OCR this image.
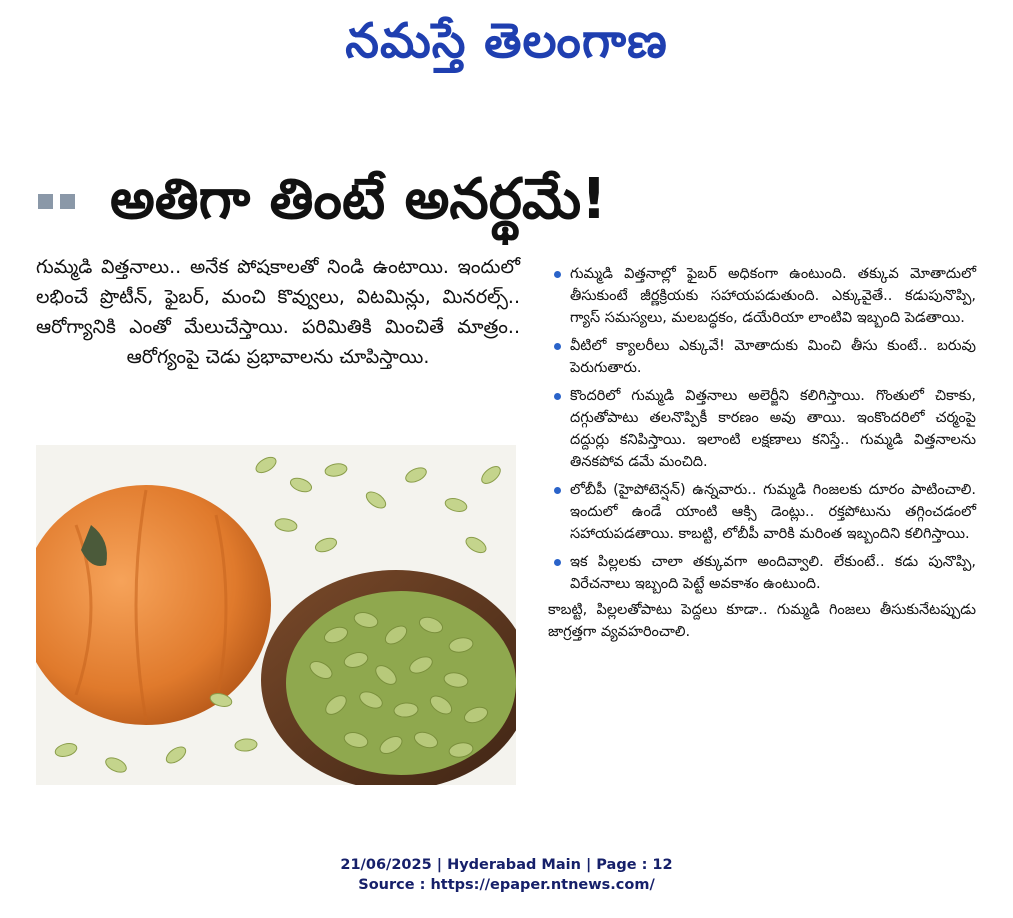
నమస్తే తెలంగాణ
అతిగా తింటే అనర్థమే!
గుమ్మడి విత్తనాలు.. అనేక పోషకాలతో నిండి ఉంటాయి. ఇందులో లభించే ప్రొటీన్, ఫైబర్, మంచి కొవ్వులు, విటమిన్లు, మినరల్స్.. ఆరోగ్యానికి ఎంతో మేలుచేస్తాయి. పరిమితికి మించితే మాత్రం.. ఆరోగ్యంపై చెడు ప్రభావాలను చూపిస్తాయి.
గుమ్మడి విత్తనాల్లో ఫైబర్ అధికంగా ఉంటుంది. తక్కువ మోతాదులో తీసుకుంటే జీర్ణక్రియకు సహాయపడుతుంది. ఎక్కువైతే.. కడుపునొప్పి, గ్యాస్ సమస్యలు, మలబద్ధకం, డయేరియా లాంటివి ఇబ్బంది పెడతాయి.
వీటిలో క్యాలరీలు ఎక్కువే! మోతాదుకు మించి తీసు కుంటే.. బరువు పెరుగుతారు.
కొందరిలో గుమ్మడి విత్తనాలు అలెర్జీని కలిగిస్తాయి. గొంతులో చికాకు, దగ్గుతోపాటు తలనొప్పికీ కారణం అవు తాయి. ఇంకొందరిలో చర్మంపై దద్దుర్లు కనిపిస్తాయి. ఇలాంటి లక్షణాలు కనిస్తే.. గుమ్మడి విత్తనాలను తినకపోవ డమే మంచిది.
లోబీపీ (హైపోటెన్షన్) ఉన్నవారు.. గుమ్మడి గింజలకు దూరం పాటించాలి. ఇందులో ఉండే యాంటి ఆక్సి డెంట్లు.. రక్తపోటును తగ్గించడంలో సహాయపడతాయి. కాబట్టి, లోబీపీ వారికి మరింత ఇబ్బందిని కలిగిస్తాయి.
ఇక పిల్లలకు చాలా తక్కువగా అందివ్వాలి. లేకుంటే.. కడు పునొప్పి, విరేచనాలు ఇబ్బంది పెట్టే అవకాశం ఉంటుంది.
కాబట్టి, పిల్లలతోపాటు పెద్దలు కూడా.. గుమ్మడి గింజలు తీసుకునేటప్పుడు జాగ్రత్తగా వ్యవహరించాలి.
21/06/2025 | Hyderabad Main | Page : 12
Source : https://epaper.ntnews.com/
